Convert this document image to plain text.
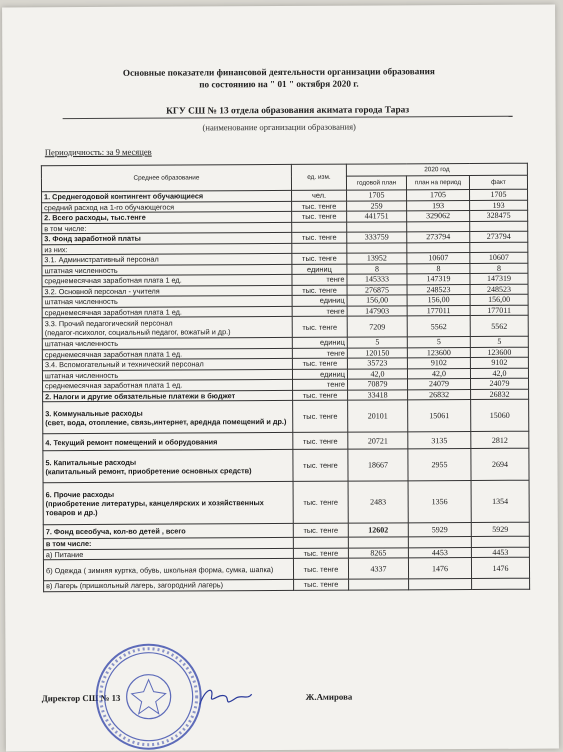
Основные показатели финансовой деятельности организации образования
по состоянию на " 01 " октября 2020 г.
КГУ СШ № 13 отдела образования акимата города Тараз
(наименование организации образования)
Периодичность: за 9 месяцев
Среднее образование	ед. изм.	2020 год		
		годовой план	план на период	факт
1. Среднегодовой контингент обучающиеся	чел.	1705	1705	1705
средний расход на 1-го обучающегося	тыс. тенге	259	193	193
2. Всего расходы, тыс.тенге	тыс. тенге	441751	329062	328475
в том числе:				
3. Фонд заработной платы	тыс. тенге	333759	273794	273794
из них:				
3.1. Административный персонал	тыс. тенге	13952	10607	10607
штатная численность	единиц	8	8	8
среднемесячная заработная плата 1 ед.	тенге	145333	147319	147319
3.2. Основной персонал - учителя	тыс. тенге	276875	248523	248523
штатная численность	единиц	156,00	156,00	156,00
среднемесячная заработная плата 1 ед.	тенге	147903	177011	177011
3.3. Прочий педагогический персонал
(педагог-психолог, социальный педагог, вожатый и др.)	тыс. тенге	7209	5562	5562
штатная численность	единиц	5	5	5
среднемесячная заработная плата 1 ед.	тенге	120150	123600	123600
3.4. Вспомогательный и технический персонал	тыс. тенге	35723	9102	9102
штатная численность	единиц	42,0	42,0	42,0
среднемесячная заработная плата 1 ед.	тенге	70879	24079	24079
2. Налоги и другие обязательные платежи в бюджет	тыс. тенге	33418	26832	26832
3. Коммунальные расходы
(свет, вода, отопление, связь,интернет, ареднда помещений и др.)	тыс. тенге	20101	15061	15060
4. Текущий ремонт помещений и оборудования	тыс. тенге	20721	3135	2812
5. Капитальные расходы
(капитальный ремонт, приобретение основных средств)	тыс. тенге	18667	2955	2694
6. Прочие расходы
(приобретение литературы, канцелярских и хозяйственных товаров и др.)	тыс. тенге	2483	1356	1354
7. Фонд всеобуча, кол-во детей , всего	тыс. тенге	12602	5929	5929
в том числе:				
а) Питание	тыс. тенге	8265	4453	4453
б) Одежда ( зимняя куртка, обувь, школьная форма, сумка, шапка)	тыс. тенге	4337	1476	1476
в) Лагерь (пришкольный лагерь, загородний лагерь)	тыс. тенге			
Директор СШ № 13	Ж.Амирова
